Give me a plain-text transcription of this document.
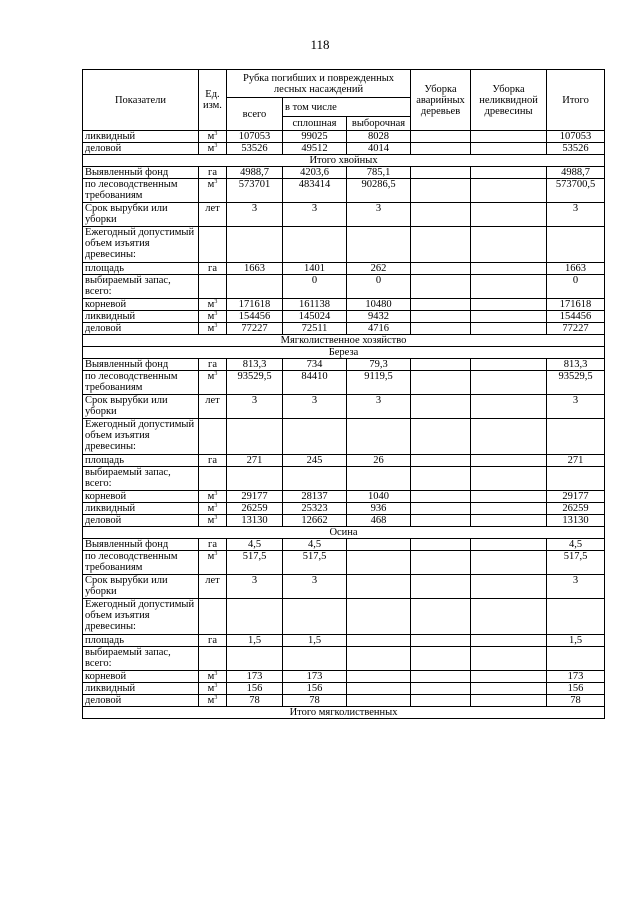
118
Показатели	Ед. изм.	Рубка погибших и поврежденных лесных насаждений			Уборка аварийных деревьев	Уборка неликвидной древесины	Итого
		всего	в том числе				
			сплошная	выборочная			
ликвидный	$м^3$	107053	99025	8028			107053
деловой	$м^3$	53526	49512	4014			53526
Итого хвойных							
Выявленный фонд	га	4988,7	4203,6	785,1			4988,7
по лесоводственным требованиям	$м^3$	573701	483414	90286,5			573700,5
Срок вырубки или уборки	лет	3	3	3			3
Ежегодный допустимый объем изъятия древесины:							
площадь	га	1663	1401	262			1663
выбираемый запас, всего:			0	0			0
корневой	$м^3$	171618	161138	10480			171618
ликвидный	$м^3$	154456	145024	9432			154456
деловой	$м^3$	77227	72511	4716			77227
Мягколиственное хозяйство							
Береза							
Выявленный фонд	га	813,3	734	79,3			813,3
по лесоводственным требованиям	$м^3$	93529,5	84410	9119,5			93529,5
Срок вырубки или уборки	лет	3	3	3			3
Ежегодный допустимый объем изъятия древесины:							
площадь	га	271	245	26			271
выбираемый запас, всего:							
корневой	$м^3$	29177	28137	1040			29177
ликвидный	$м^3$	26259	25323	936			26259
деловой	$м^3$	13130	12662	468			13130
Осина							
Выявленный фонд	га	4,5	4,5				4,5
по лесоводственным требованиям	$м^3$	517,5	517,5				517,5
Срок вырубки или уборки	лет	3	3				3
Ежегодный допустимый объем изъятия древесины:							
площадь	га	1,5	1,5				1,5
выбираемый запас, всего:							
корневой	$м^3$	173	173				173
ликвидный	$м^3$	156	156				156
деловой	$м^3$	78	78				78
Итого мягколиственных							
